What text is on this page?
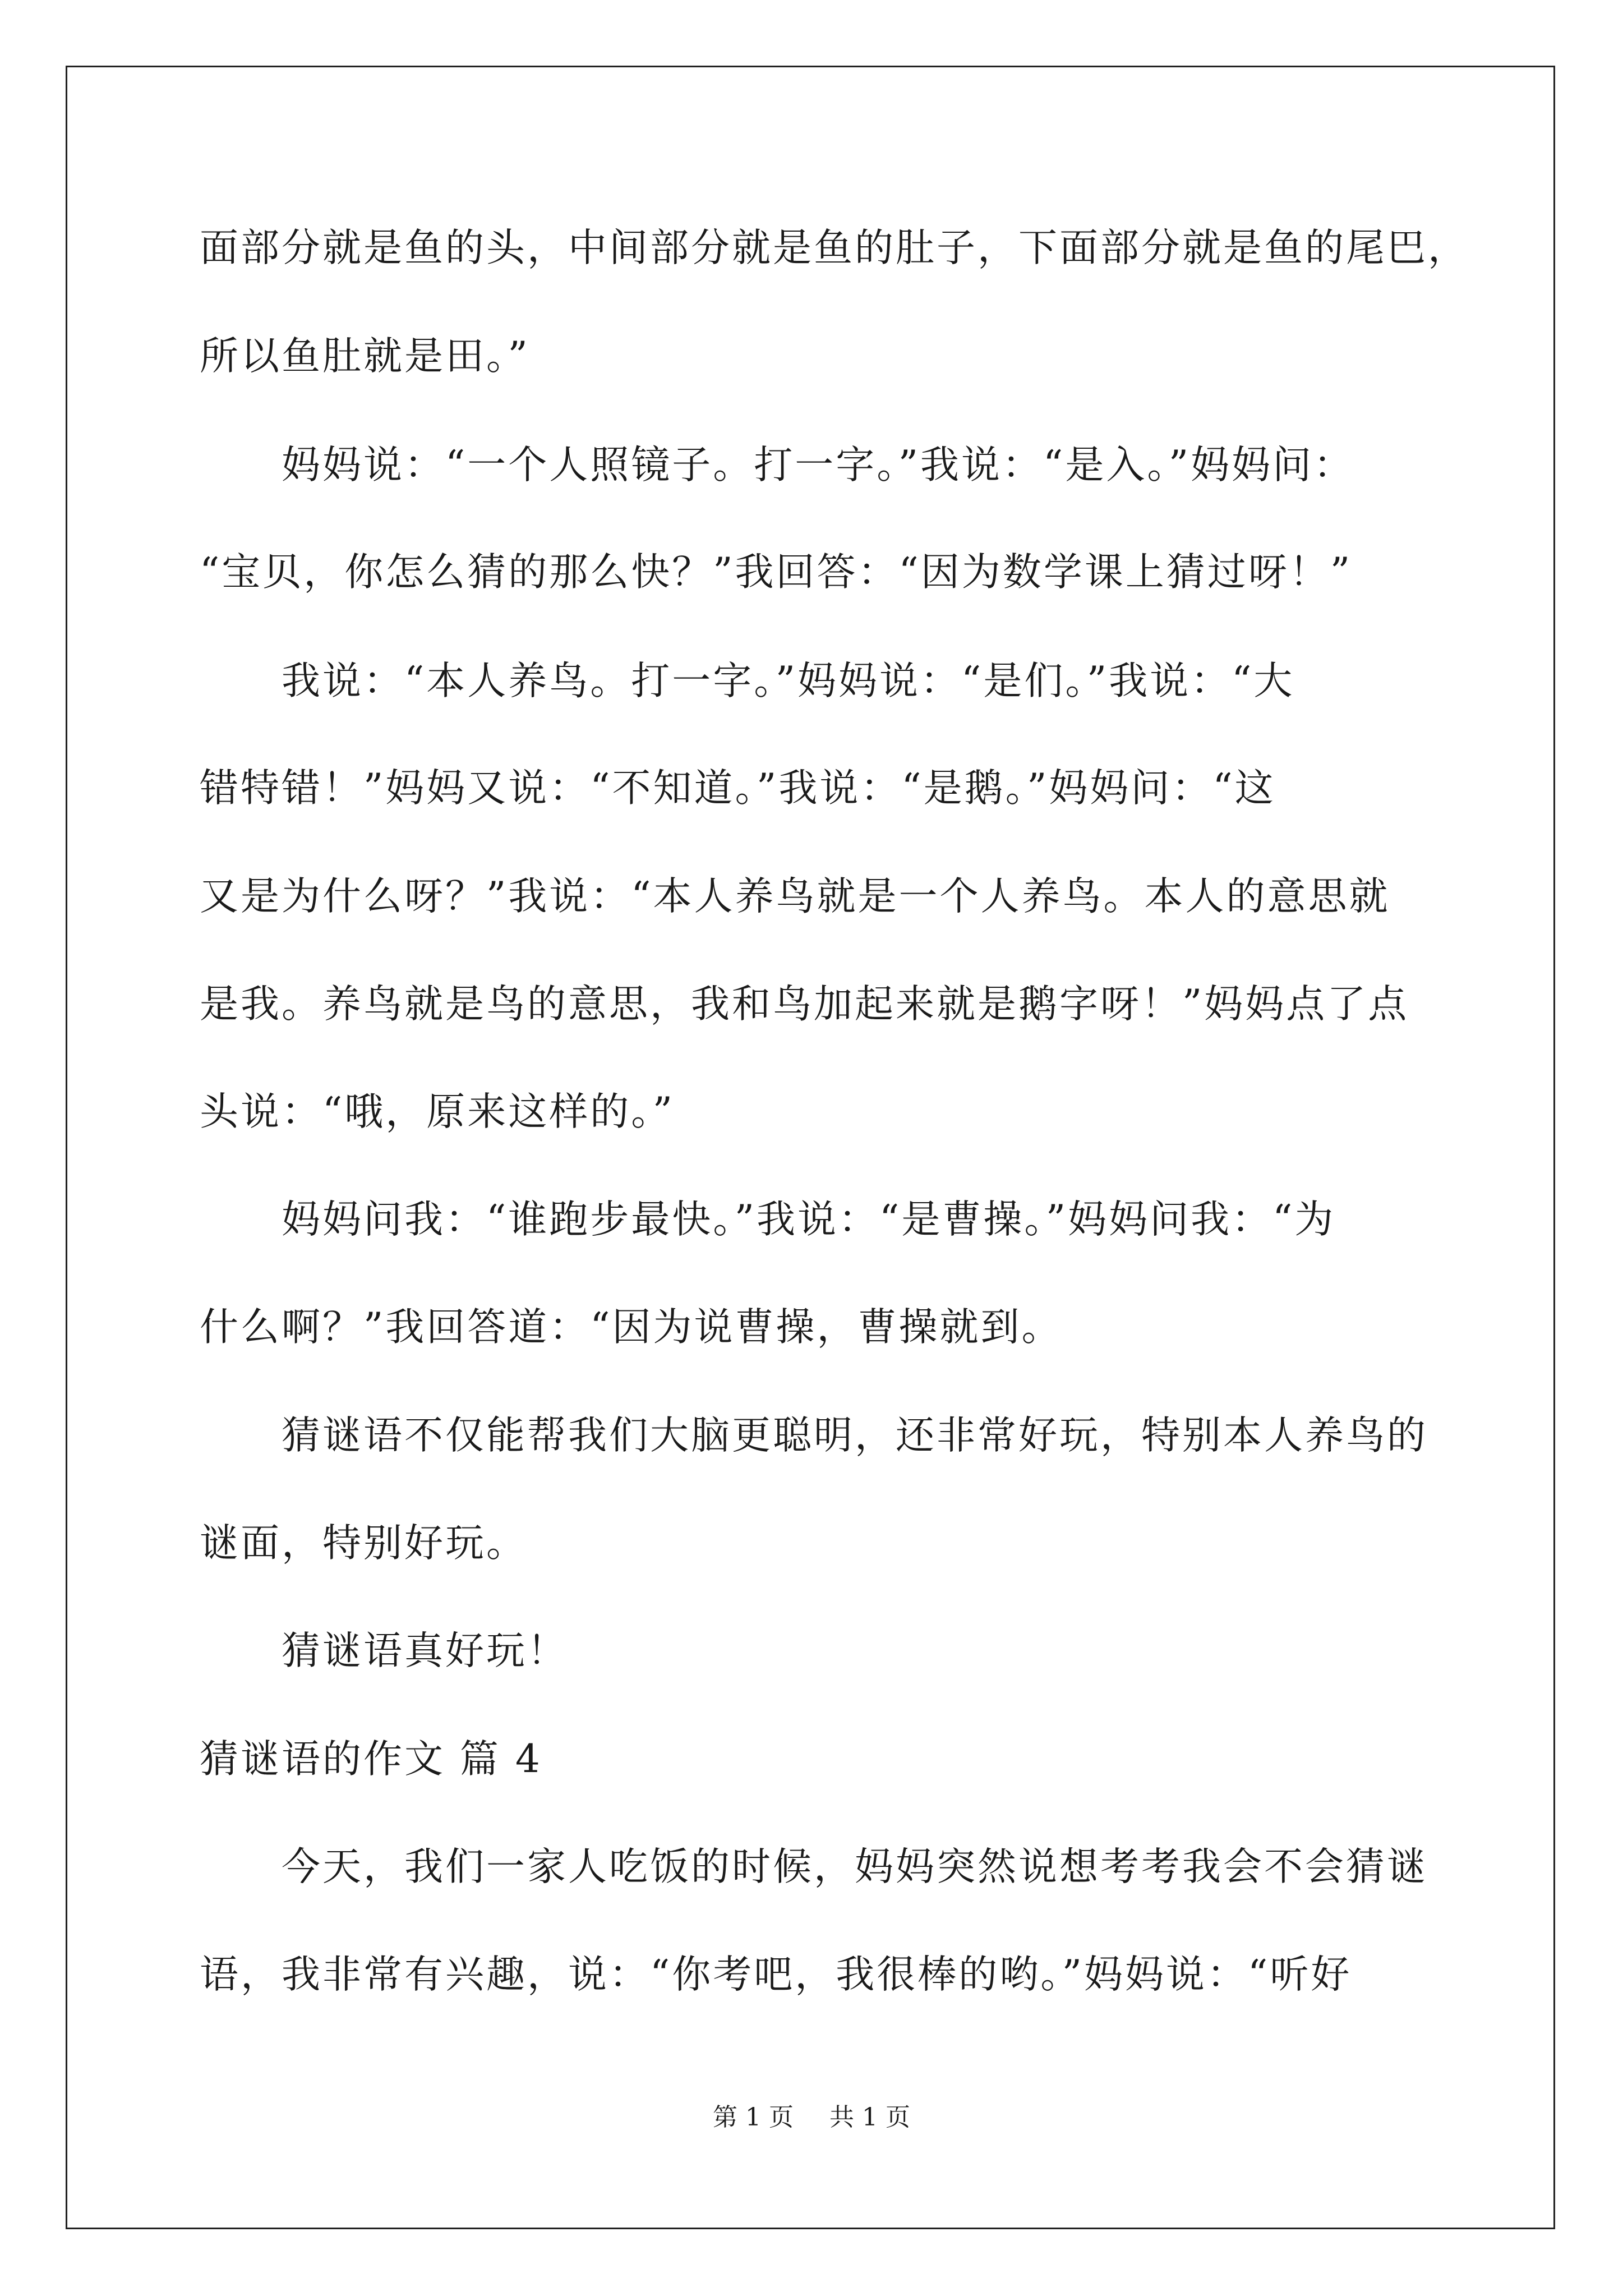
面部分就是鱼的头，中间部分就是鱼的肚子，下面部分就是鱼的尾巴，
所以鱼肚就是田。”
妈妈说：“一个人照镜子。打一字。”我说：“是入。”妈妈问：
“宝贝，你怎么猜的那么快？”我回答：“因为数学课上猜过呀！”
我说：“本人养鸟。打一字。”妈妈说：“是们。”我说：“大
错特错！”妈妈又说：“不知道。”我说：“是鹅。”妈妈问：“这
又是为什么呀？”我说：“本人养鸟就是一个人养鸟。本人的意思就
是我。养鸟就是鸟的意思，我和鸟加起来就是鹅字呀！”妈妈点了点
头说：“哦，原来这样的。”
妈妈问我：“谁跑步最快。”我说：“是曹操。”妈妈问我：“为
什么啊？”我回答道：“因为说曹操，曹操就到。
猜谜语不仅能帮我们大脑更聪明，还非常好玩，特别本人养鸟的
谜面，特别好玩。
猜谜语真好玩！
猜谜语的作文 篇 4
今天，我们一家人吃饭的时候，妈妈突然说想考考我会不会猜谜
语，我非常有兴趣，说：“你考吧，我很棒的哟。”妈妈说：“听好
第 1 页 共 1 页
